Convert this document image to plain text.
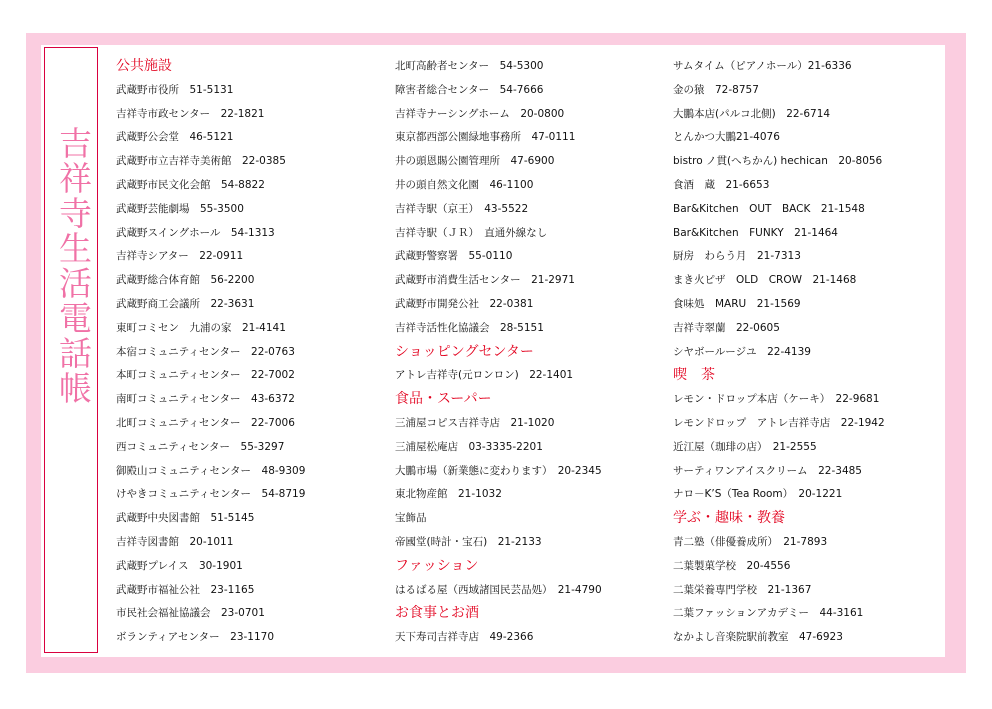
吉祥寺生活電話帳
公共施設
武蔵野市役所　51-5131
吉祥寺市政センター　22-1821
武蔵野公会堂　46-5121
武蔵野市立吉祥寺美術館　22-0385
武蔵野市民文化会館　54-8822
武蔵野芸能劇場　55-3500
武蔵野スイングホール　54-1313
吉祥寺シアター　22-0911
武蔵野総合体育館　56-2200
武蔵野商工会議所　22-3631
東町コミセン　九浦の家　21-4141
本宿コミュニティセンター　22-0763
本町コミュニティセンター　22-7002
南町コミュニティセンター　43-6372
北町コミュニティセンター　22-7006
西コミュニティセンター　55-3297
御殿山コミュニティセンター　48-9309
けやきコミュニティセンター　54-8719
武蔵野中央図書館　51-5145
吉祥寺図書館　20-1011
武蔵野プレイス　30-1901
武蔵野市福祉公社　23-1165
市民社会福祉協議会　23-0701
ボランティアセンター　23-1170
北町高齢者センター　54-5300
障害者総合センター　54-7666
吉祥寺ナーシングホーム　20-0800
東京都西部公園緑地事務所　47-0111
井の頭恩賜公園管理所　47-6900
井の頭自然文化園　46-1100
吉祥寺駅（京王）　43-5522
吉祥寺駅（ＪＲ）　直通外線なし
武蔵野警察署　55-0110
武蔵野市消費生活センター　21-2971
武蔵野市開発公社　22-0381
吉祥寺活性化協議会　28-5151
ショッピングセンター
アトレ吉祥寺(元ロンロン)　22-1401
食品・スーパー
三浦屋コピス吉祥寺店　21-1020
三浦屋松庵店　03-3335-2201
大鵬市場（新業態に変わります）　20-2345
東北物産館　21-1032
宝飾品
帝國堂(時計・宝石)　21-2133
ファッション
はるばる屋（西域諸国民芸品処）　21-4790
お食事とお酒
天下寿司吉祥寺店　49-2366
サムタイム（ピアノホール）21-6336
金の猿　72-8757
大鵬本店(パルコ北側)　22-6714
とんかつ大鵬21-4076
bistro ノ貫(へちかん) hechican　20-8056
食酒　蔵　21-6653
Bar&Kitchen　OUT　BACK　21-1548
Bar&Kitchen　FUNKY　21-1464
厨房　わらう月　21-7313
まき火ピザ　OLD　CROW　21-1468
食味処　MARU　21-1569
吉祥寺翠蘭　22-0605
シヤボールージユ　22-4139
喫　茶
レモン・ドロップ本店（ケーキ）　22-9681
レモンドロップ　アトレ吉祥寺店　22-1942
近江屋（珈琲の店）　21-2555
サーティワンアイスクリーム　22-3485
ナロ－K’S（Tea Room）　20-1221
学ぶ・趣味・教養
青二塾（俳優養成所）　21-7893
二葉製菓学校　20-4556
二葉栄養専門学校　21-1367
二葉ファッションアカデミー　44-3161
なかよし音楽院駅前教室　47-6923
